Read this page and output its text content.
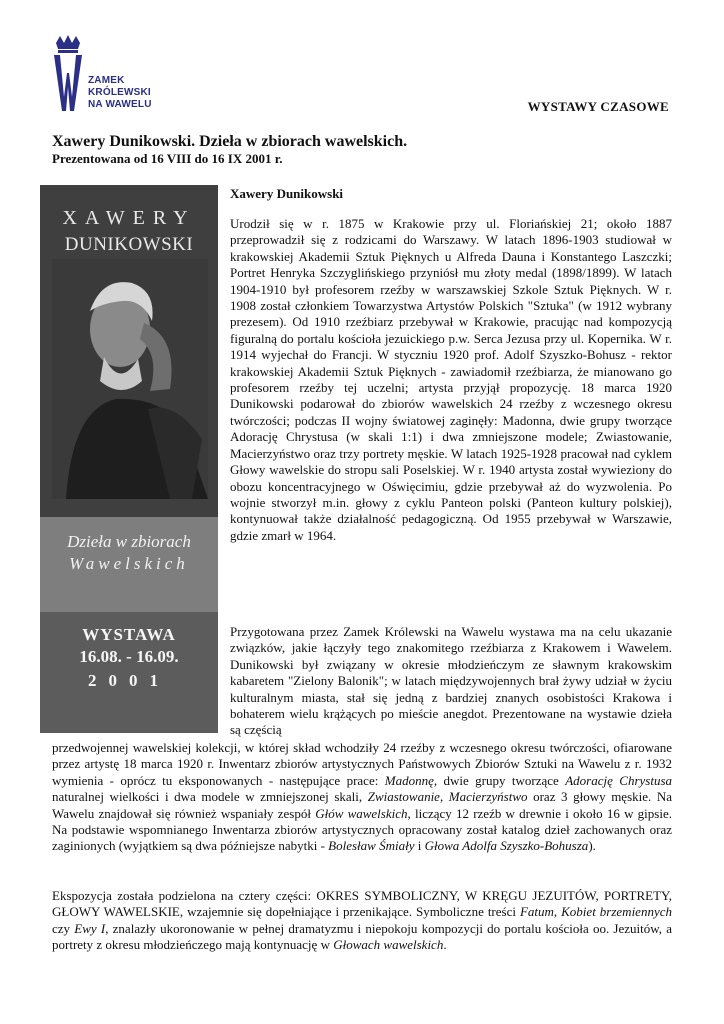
ZAMEK
KRÓLEWSKI
NA WAWELU	WYSTAWY CZASOWE
Xawery Dunikowski. Dzieła w zbiorach wawelskich.
Prezentowana od 16 VIII do 16 IX 2001 r.
XAWERY
DUNIKOWSKI
Dzieła w zbiorach
Wawelskich
WYSTAWA
16.08. - 16.09.
2001
Xawery Dunikowski
Urodził się w r. 1875 w Krakowie przy ul. Floriańskiej 21; około 1887 przeprowadził się z rodzicami do Warszawy. W latach 1896-1903 studiował w krakowskiej Akademii Sztuk Pięknych u Alfreda Dauna i Konstantego Laszczki; Portret Henryka Szczyglińskiego przyniósł mu złoty medal (1898/1899). W latach 1904-1910 był profesorem rzeźby w warszawskiej Szkole Sztuk Pięknych. W r. 1908 został członkiem Towarzystwa Artystów Polskich "Sztuka" (w 1912 wybrany prezesem). Od 1910 rzeźbiarz przebywał w Krakowie, pracując nad kompozycją figuralną do portalu kościoła jezuickiego p.w. Serca Jezusa przy ul. Kopernika. W r. 1914 wyjechał do Francji. W styczniu 1920 prof. Adolf Szyszko-Bohusz - rektor krakowskiej Akademii Sztuk Pięknych - zawiadomił rzeźbiarza, że mianowano go profesorem rzeźby tej uczelni; artysta przyjął propozycję. 18 marca 1920 Dunikowski podarował do zbiorów wawelskich 24 rzeźby z wczesnego okresu twórczości; podczas II wojny światowej zaginęły: Madonna, dwie grupy tworzące Adorację Chrystusa (w skali 1:1) i dwa zmniejszone modele; Zwiastowanie, Macierzyństwo oraz trzy portrety męskie. W latach 1925-1928 pracował nad cyklem Głowy wawelskie do stropu sali Poselskiej. W r. 1940 artysta został wywieziony do obozu koncentracyjnego w Oświęcimiu, gdzie przebywał aż do wyzwolenia. Po wojnie stworzył m.in. głowy z cyklu Panteon polski (Panteon kultury polskiej), kontynuował także działalność pedagogiczną. Od 1955 przebywał w Warszawie, gdzie zmarł w 1964.
Przygotowana przez Zamek Królewski na Wawelu wystawa ma na celu ukazanie związków, jakie łączyły tego znakomitego rzeźbiarza z Krakowem i Wawelem. Dunikowski był związany w okresie młodzieńczym ze sławnym krakowskim kabaretem "Zielony Balonik"; w latach międzywojennych brał żywy udział w życiu kulturalnym miasta, stał się jedną z bardziej znanych osobistości Krakowa i bohaterem wielu krążących po mieście anegdot. Prezentowane na wystawie dzieła są częścią
przedwojennej wawelskiej kolekcji, w której skład wchodziły 24 rzeźby z wczesnego okresu twórczości, ofiarowane przez artystę 18 marca 1920 r. Inwentarz zbiorów artystycznych Państwowych Zbiorów Sztuki na Wawelu z r. 1932 wymienia - oprócz tu eksponowanych - następujące prace: Madonnę, dwie grupy tworzące Adorację Chrystusa naturalnej wielkości i dwa modele w zmniejszonej skali, Zwiastowanie, Macierzyństwo oraz 3 głowy męskie. Na Wawelu znajdował się również wspaniały zespół Głów wawelskich, liczący 12 rzeźb w drewnie i około 16 w gipsie. Na podstawie wspomnianego Inwentarza zbiorów artystycznych opracowany został katalog dzieł zachowanych oraz zaginionych (wyjątkiem są dwa późniejsze nabytki - Bolesław Śmiały i Głowa Adolfa Szyszko-Bohusza).
Ekspozycja została podzielona na cztery części: OKRES SYMBOLICZNY, W KRĘGU JEZUITÓW, PORTRETY, GŁOWY WAWELSKIE, wzajemnie się dopełniające i przenikające. Symboliczne treści Fatum, Kobiet brzemiennych czy Ewy I, znalazły ukoronowanie w pełnej dramatyzmu i niepokoju kompozycji do portalu kościoła oo. Jezuitów, a portrety z okresu młodzieńczego mają kontynuację w Głowach wawelskich.
